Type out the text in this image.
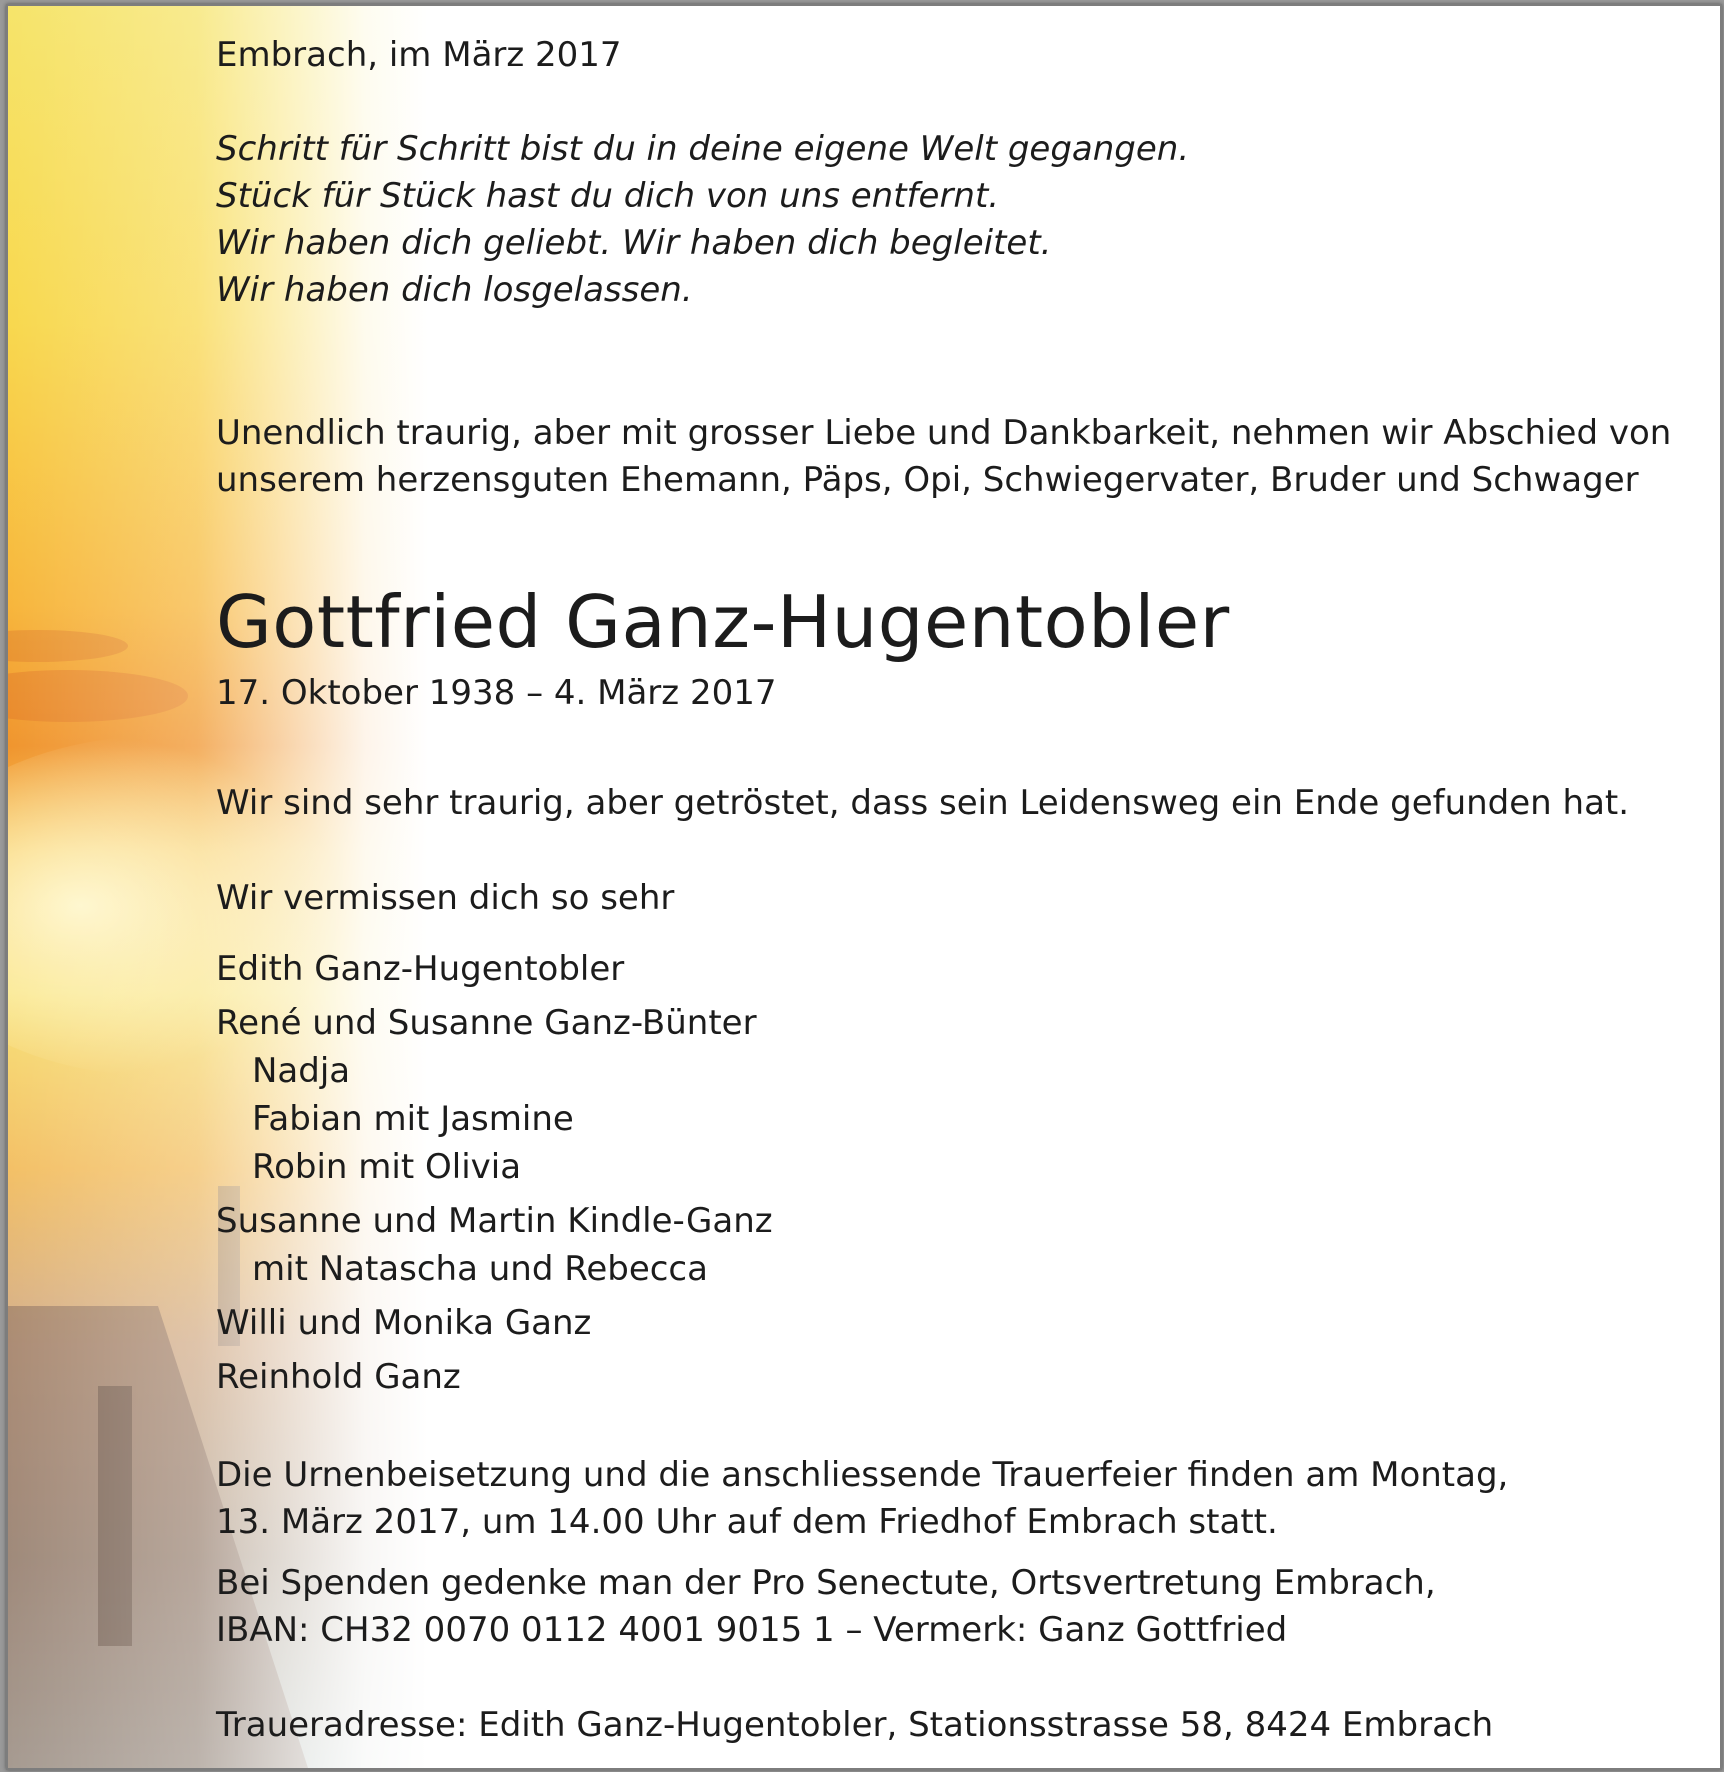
Embrach, im März 2017
Schritt für Schritt bist du in deine eigene Welt gegangen.
Stück für Stück hast du dich von uns entfernt.
Wir haben dich geliebt. Wir haben dich begleitet.
Wir haben dich losgelassen.
Unendlich traurig, aber mit grosser Liebe und Dankbarkeit, nehmen wir Abschied von
unserem herzensguten Ehemann, Päps, Opi, Schwiegervater, Bruder und Schwager
Gottfried Ganz-Hugentobler
17. Oktober 1938 – 4. März 2017
Wir sind sehr traurig, aber getröstet, dass sein Leidensweg ein Ende gefunden hat.
Wir vermissen dich so sehr
Edith Ganz-Hugentobler
René und Susanne Ganz-Bünter
Nadja
Fabian mit Jasmine
Robin mit Olivia
Susanne und Martin Kindle-Ganz
mit Natascha und Rebecca
Willi und Monika Ganz
Reinhold Ganz
Die Urnenbeisetzung und die anschliessende Trauerfeier finden am Montag,
13. März 2017, um 14.00 Uhr auf dem Friedhof Embrach statt.
Bei Spenden gedenke man der Pro Senectute, Ortsvertretung Embrach,
IBAN: CH32 0070 0112 4001 9015 1 – Vermerk: Ganz Gottfried
Traueradresse: Edith Ganz-Hugentobler, Stationsstrasse 58, 8424 Embrach
